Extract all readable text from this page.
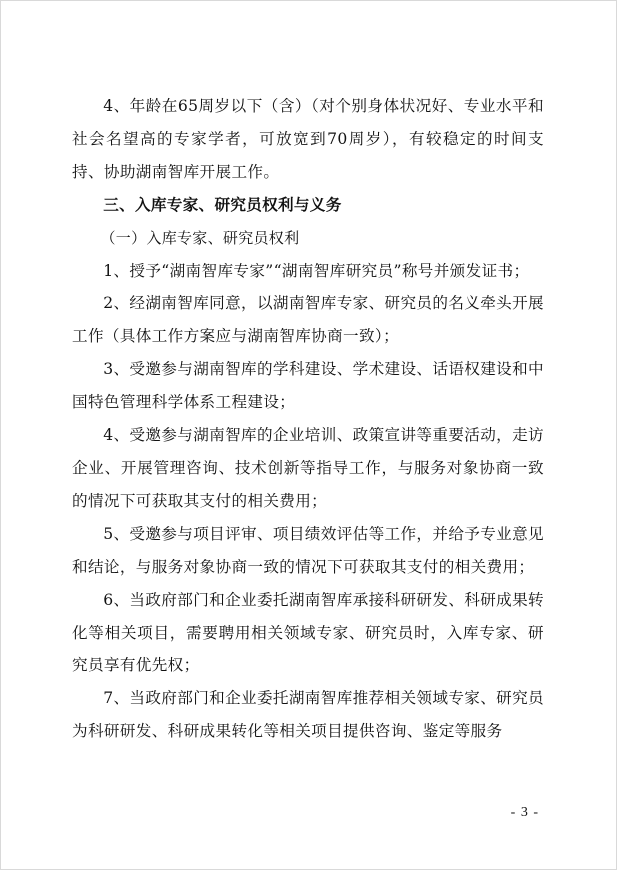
4、年龄在65周岁以下（含）（对个别身体状况好、专业水平和社会名望高的专家学者，可放宽到70周岁），有较稳定的时间支持、协助湖南智库开展工作。

三、入库专家、研究员权利与义务

（一）入库专家、研究员权利

1、授予“湖南智库专家”“湖南智库研究员”称号并颁发证书；

2、经湖南智库同意，以湖南智库专家、研究员的名义牵头开展工作（具体工作方案应与湖南智库协商一致）；

3、受邀参与湖南智库的学科建设、学术建设、话语权建设和中国特色管理科学体系工程建设；

4、受邀参与湖南智库的企业培训、政策宣讲等重要活动，走访企业、开展管理咨询、技术创新等指导工作，与服务对象协商一致的情况下可获取其支付的相关费用；

5、受邀参与项目评审、项目绩效评估等工作，并给予专业意见和结论，与服务对象协商一致的情况下可获取其支付的相关费用；

6、当政府部门和企业委托湖南智库承接科研研发、科研成果转化等相关项目，需要聘用相关领域专家、研究员时，入库专家、研究员享有优先权；

7、当政府部门和企业委托湖南智库推荐相关领域专家、研究员为科研研发、科研成果转化等相关项目提供咨询、鉴定等服务

- 3 -
